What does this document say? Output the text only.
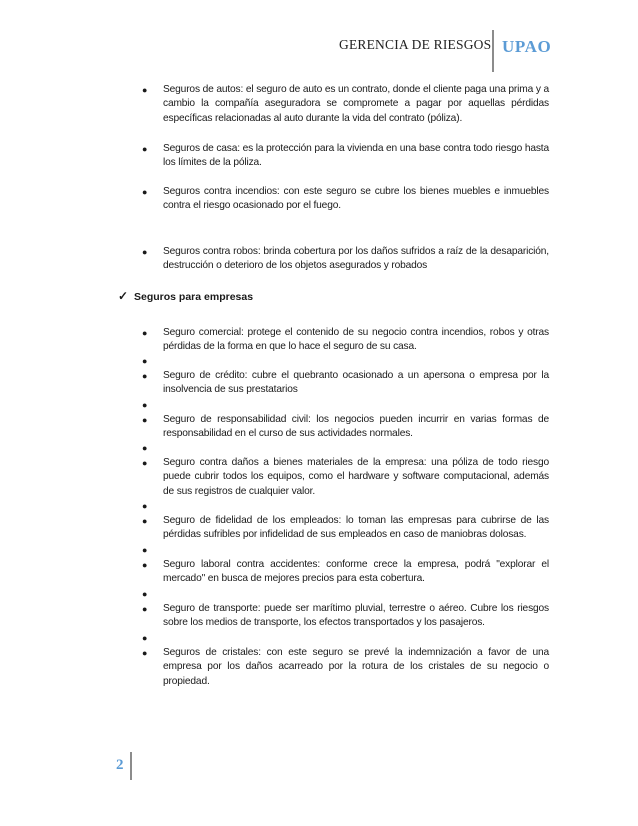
GERENCIA DE RIESGOS UPAO
●	Seguros de autos: el seguro de auto es un contrato, donde el cliente paga una prima y a cambio la compañía aseguradora se compromete a pagar por aquellas pérdidas específicas relacionadas al auto durante la vida del contrato (póliza).
●	Seguros de casa: es la protección para la vivienda en una base contra todo riesgo hasta los límites de la póliza.
●	Seguros contra incendios: con este seguro se cubre los bienes muebles e inmuebles contra el riesgo ocasionado por el fuego.
●	Seguros contra robos: brinda cobertura por los daños sufridos a raíz de la desaparición, destrucción o deterioro de los objetos asegurados y robados
✓ Seguros para empresas
●	Seguro comercial: protege el contenido de su negocio contra incendios, robos y otras pérdidas de la forma en que lo hace el seguro de su casa.
●
●	Seguro de crédito: cubre el quebranto ocasionado a un apersona o empresa por la insolvencia de sus prestatarios
●
●	Seguro de responsabilidad civil: los negocios pueden incurrir en varias formas de responsabilidad en el curso de sus actividades normales.
●
●	Seguro contra daños a bienes materiales de la empresa: una póliza de todo riesgo puede cubrir todos los equipos, como el hardware y software computacional, además de sus registros de cualquier valor.
●
●	Seguro de fidelidad de los empleados: lo toman las empresas para cubrirse de las pérdidas sufribles por infidelidad de sus empleados en caso de maniobras dolosas.
●
●	Seguro laboral contra accidentes: conforme crece la empresa, podrá "explorar el mercado" en busca de mejores precios para esta cobertura.
●
●	Seguro de transporte: puede ser marítimo pluvial, terrestre o aéreo. Cubre los riesgos sobre los medios de transporte, los efectos transportados y los pasajeros.
●
●	Seguros de cristales: con este seguro se prevé la indemnización a favor de una empresa por los daños acarreado por la rotura de los cristales de su negocio o propiedad.
2
